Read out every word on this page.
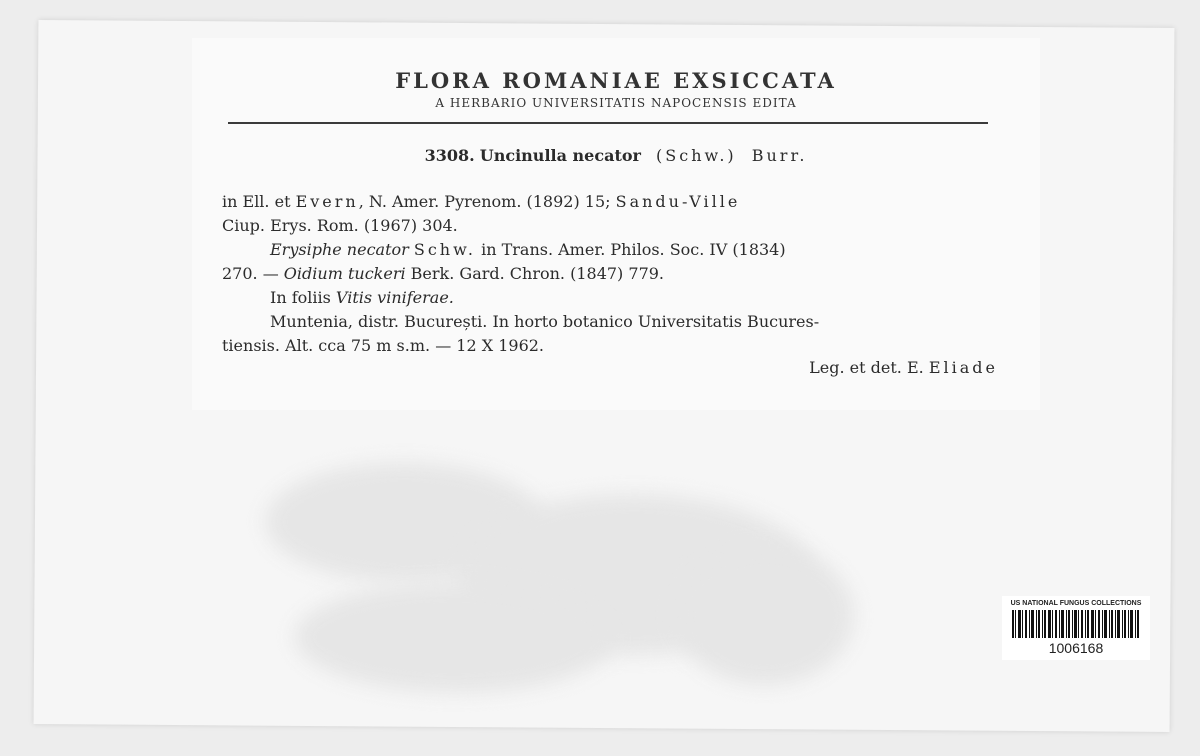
FLORA ROMANIAE EXSICCATA
A HERBARIO UNIVERSITATIS NAPOCENSIS EDITA
3308. Uncinulla necator (Schw.) Burr.
in Ell. et Evern, N. Amer. Pyrenom. (1892) 15; Sandu-Ville
Ciup. Erys. Rom. (1967) 304.
Erysiphe necator Schw. in Trans. Amer. Philos. Soc. IV (1834)
270. — Oidium tuckeri Berk. Gard. Chron. (1847) 779.
In foliis Vitis viniferae.
Muntenia, distr. București. In horto botanico Universitatis Bucures-
tiensis. Alt. cca 75 m s.m. — 12 X 1962.
Leg. et det. E. Eliade
US NATIONAL FUNGUS COLLECTIONS
1006168
